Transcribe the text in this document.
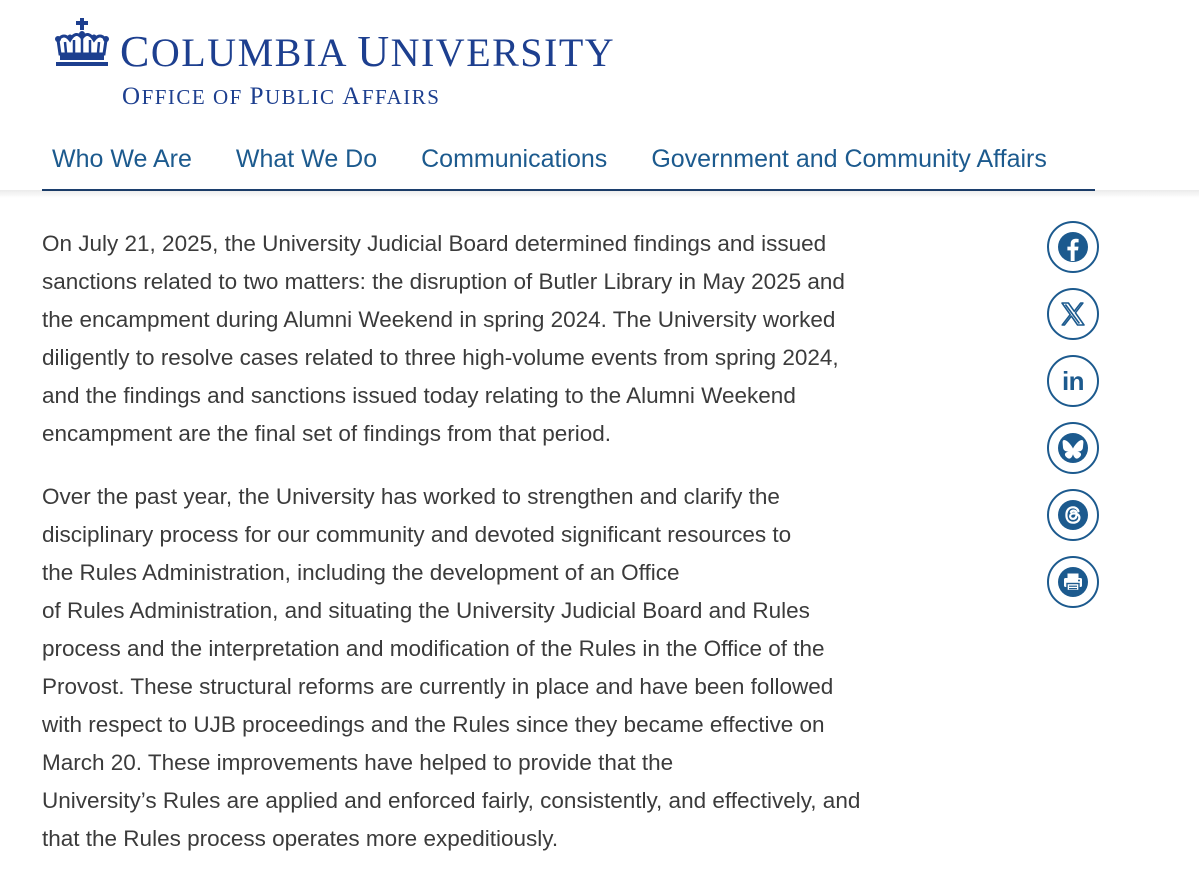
COLUMBIA UNIVERSITY
OFFICE OF PUBLIC AFFAIRS
Who We Are What We Do Communications Government and Community Affairs

On July 21, 2025, the University Judicial Board determined findings and issued
sanctions related to two matters: the disruption of Butler Library in May 2025 and
the encampment during Alumni Weekend in spring 2024. The University worked
diligently to resolve cases related to three high-volume events from spring 2024,
and the findings and sanctions issued today relating to the Alumni Weekend
encampment are the final set of findings from that period.

Over the past year, the University has worked to strengthen and clarify the
disciplinary process for our community and devoted significant resources to
the Rules Administration, including the development of an Office
of Rules Administration, and situating the University Judicial Board and Rules
process and the interpretation and modification of the Rules in the Office of the
Provost. These structural reforms are currently in place and have been followed
with respect to UJB proceedings and the Rules since they became effective on
March 20. These improvements have helped to provide that the
University’s Rules are applied and enforced fairly, consistently, and effectively, and
that the Rules process operates more expeditiously.

in
